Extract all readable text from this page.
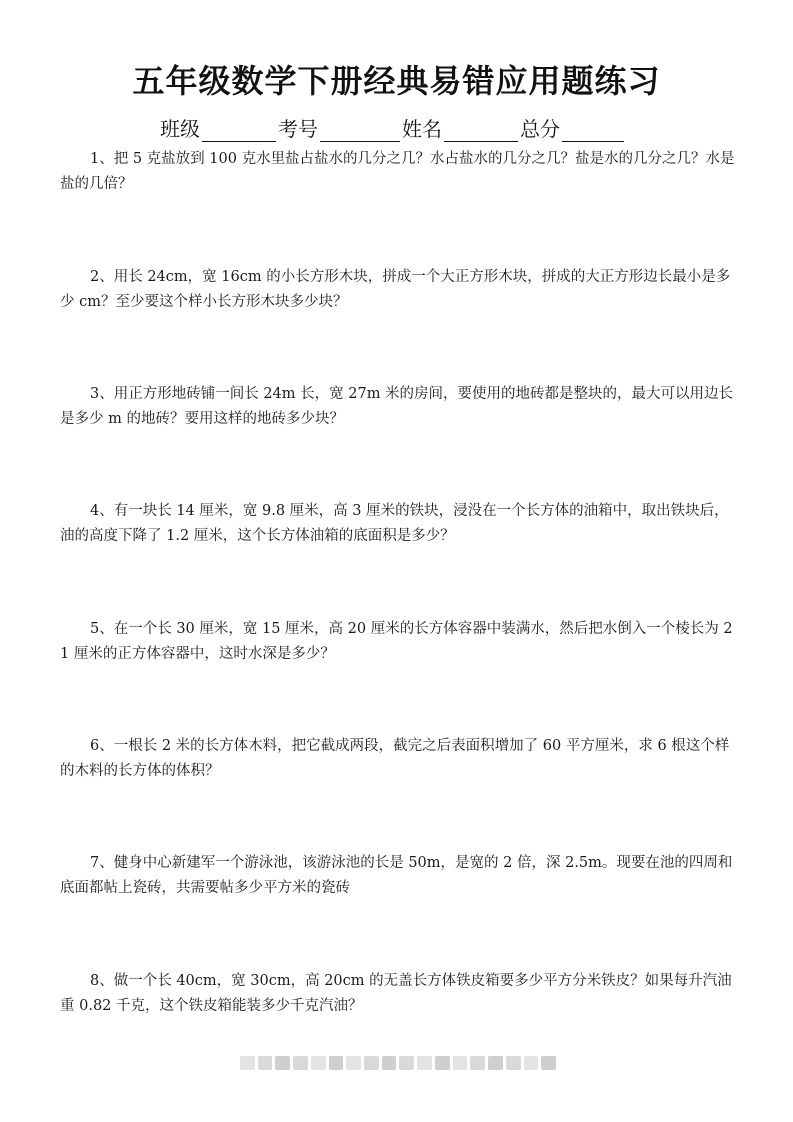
五年级数学下册经典易错应用题练习
班级	考号	姓名	总分
1、把 5 克盐放到 100 克水里盐占盐水的几分之几？水占盐水的几分之几？盐是水的几分之几？水是盐的几倍？
2、用长 24cm，宽 16cm 的小长方形木块，拼成一个大正方形木块，拼成的大正方形边长最小是多少 cm？至少要这个样小长方形木块多少块？
3、用正方形地砖铺一间长 24m 长，宽 27m 米的房间，要使用的地砖都是整块的，最大可以用边长是多少 m 的地砖？要用这样的地砖多少块？
4、有一块长 14 厘米，宽 9.8 厘米，高 3 厘米的铁块，浸没在一个长方体的油箱中，取出铁块后，油的高度下降了 1.2 厘米，这个长方体油箱的底面积是多少？
5、在一个长 30 厘米，宽 15 厘米，高 20 厘米的长方体容器中装满水，然后把水倒入一个棱长为 21 厘米的正方体容器中，这时水深是多少？
6、一根长 2 米的长方体木料，把它截成两段，截完之后表面积增加了 60 平方厘米，求 6 根这个样的木料的长方体的体积？
7、健身中心新建军一个游泳池，该游泳池的长是 50m，是宽的 2 倍，深 2.5m。现要在池的四周和底面都帖上瓷砖，共需要帖多少平方米的瓷砖
8、做一个长 40cm，宽 30cm，高 20cm 的无盖长方体铁皮箱要多少平方分米铁皮？如果每升汽油重 0.82 千克，这个铁皮箱能装多少千克汽油？
